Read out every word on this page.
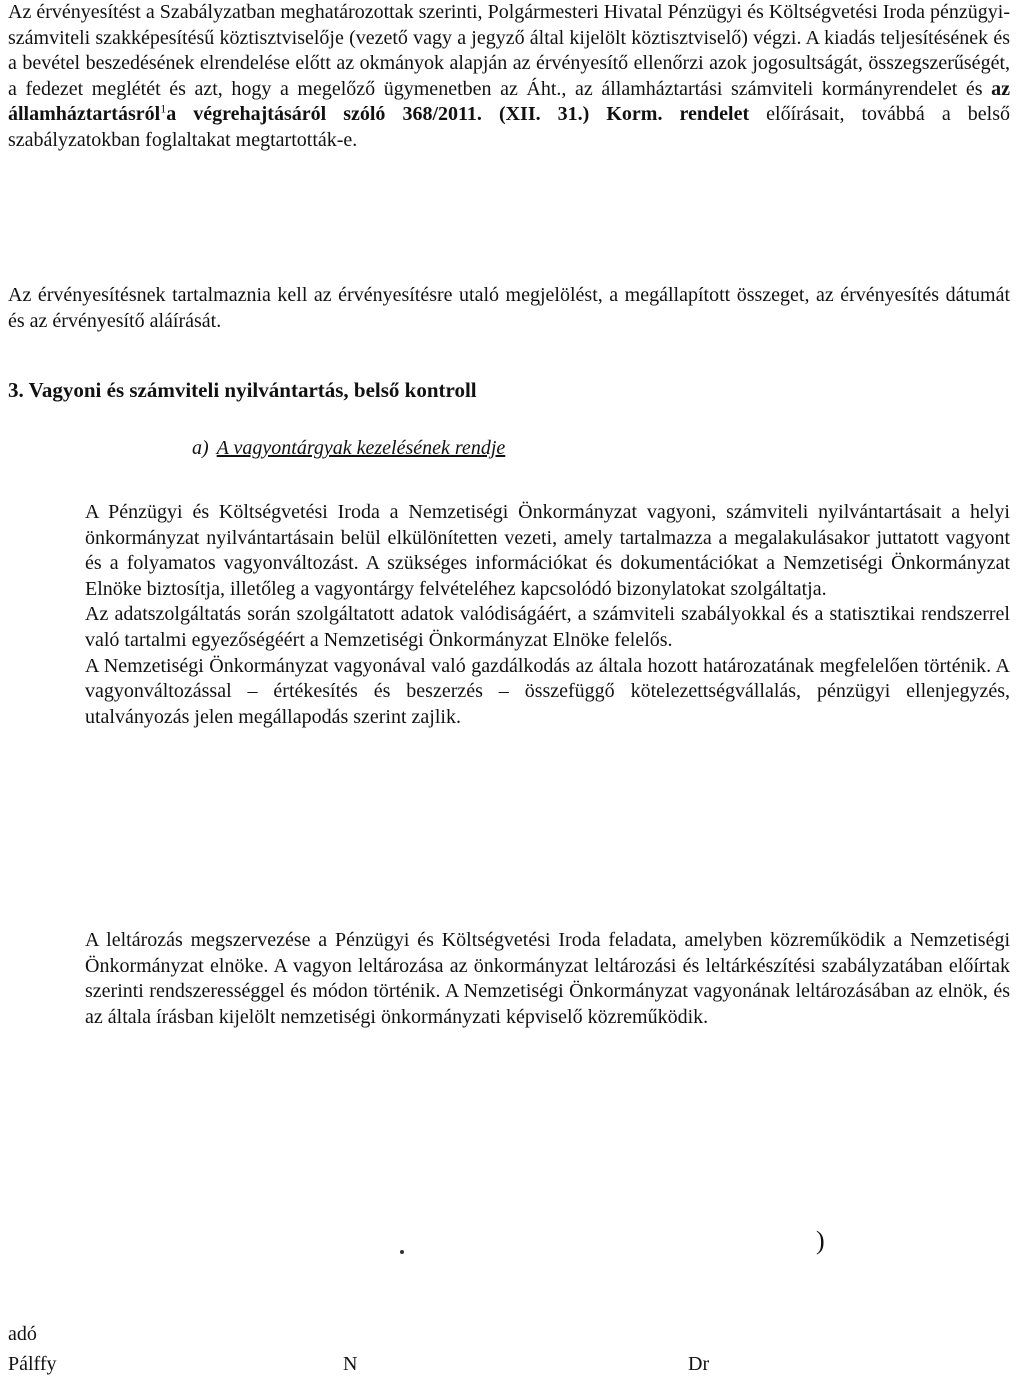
Az érvényesítést a Szabályzatban meghatározottak szerinti, Polgármesteri Hivatal Pénzügyi és Költségvetési Iroda pénzügyi-számviteli szakképesítésű köztisztviselője (vezető vagy a jegyző által kijelölt köztisztviselő) végzi. A kiadás teljesítésének és a bevétel beszedésének elrendelése előtt az okmányok alapján az érvényesítő ellenőrzi azok jogosultságát, összegszerűségét, a fedezet meglétét és azt, hogy a megelőző ügymenetben az Áht., az államháztartási számviteli kormányrendelet és az államháztartásról$^1$a végrehajtásáról szóló 368/2011. (XII. 31.) Korm. rendelet előírásait, továbbá a belső szabályzatokban foglaltakat megtartották-e.

Az érvényesítésnek tartalmaznia kell az érvényesítésre utaló megjelölést, a megállapított összeget, az érvényesítés dátumát és az érvényesítő aláírását.

3. Vagyoni és számviteli nyilvántartás, belső kontroll

a) A vagyontárgyak kezelésének rendje

A Pénzügyi és Költségvetési Iroda a Nemzetiségi Önkormányzat vagyoni, számviteli nyilvántartásait a helyi önkormányzat nyilvántartásain belül elkülönítetten vezeti, amely tartalmazza a megalakulásakor juttatott vagyont és a folyamatos vagyonváltozást. A szükséges információkat és dokumentációkat a Nemzetiségi Önkormányzat Elnöke biztosítja, illetőleg a vagyontárgy felvételéhez kapcsolódó bizonylatokat szolgáltatja.
Az adatszolgáltatás során szolgáltatott adatok valódiságáért, a számviteli szabályokkal és a statisztikai rendszerrel való tartalmi egyezőségéért a Nemzetiségi Önkormányzat Elnöke felelős.
A Nemzetiségi Önkormányzat vagyonával való gazdálkodás az általa hozott határozatának megfelelően történik. A vagyonváltozással – értékesítés és beszerzés – összefüggő kötelezettségvállalás, pénzügyi ellenjegyzés, utalványozás jelen megállapodás szerint zajlik.

A leltározás megszervezése a Pénzügyi és Költségvetési Iroda feladata, amelyben közreműködik a Nemzetiségi Önkormányzat elnöke. A vagyon leltározása az önkormányzat leltározási és leltárkészítési szabályzatában előírtak szerinti rendszerességgel és módon történik. A Nemzetiségi Önkormányzat vagyonának leltározásában az elnök, és az általa írásban kijelölt nemzetiségi önkormányzati képviselő közreműködik.

)

adó

Pálffy	N	Dr
